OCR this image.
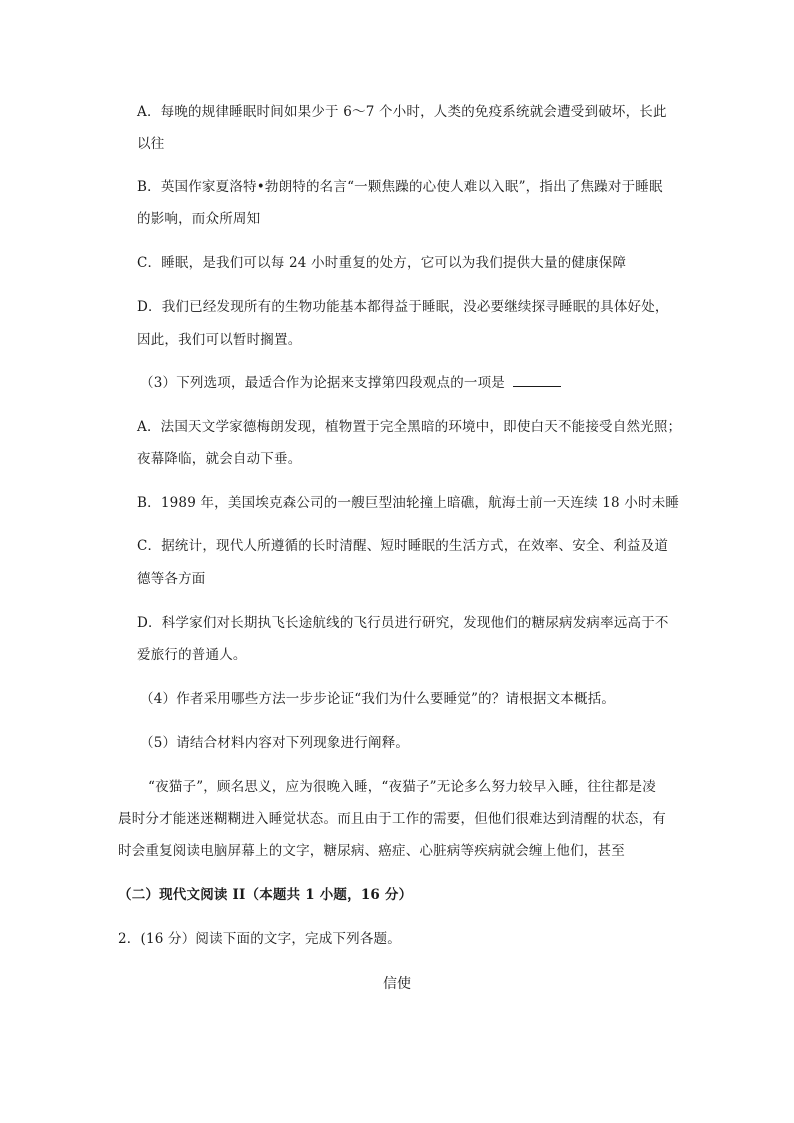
A．每晚的规律睡眠时间如果少于 6～7 个小时，人类的免疫系统就会遭受到破坏，长此
以往
B．英国作家夏洛特•勃朗特的名言“一颗焦躁的心使人难以入眠”，指出了焦躁对于睡眠
的影响，而众所周知
C．睡眠，是我们可以每 24 小时重复的处方，它可以为我们提供大量的健康保障
D．我们已经发现所有的生物功能基本都得益于睡眠，没必要继续探寻睡眠的具体好处，
因此，我们可以暂时搁置。
（3）下列选项，最适合作为论据来支撑第四段观点的一项是
A．法国天文学家德梅朗发现，植物置于完全黑暗的环境中，即使白天不能接受自然光照；
夜幕降临，就会自动下垂。
B．1989 年，美国埃克森公司的一艘巨型油轮撞上暗礁，航海士前一天连续 18 小时未睡
C．据统计，现代人所遵循的长时清醒、短时睡眠的生活方式，在效率、安全、利益及道
德等各方面
D．科学家们对长期执飞长途航线的飞行员进行研究，发现他们的糖尿病发病率远高于不
爱旅行的普通人。
（4）作者采用哪些方法一步步论证“我们为什么要睡觉”的？请根据文本概括。
（5）请结合材料内容对下列现象进行阐释。
“夜猫子”，顾名思义，应为很晚入睡，“夜猫子”无论多么努力较早入睡，往往都是凌
晨时分才能迷迷糊糊进入睡觉状态。而且由于工作的需要，但他们很难达到清醒的状态，有
时会重复阅读电脑屏幕上的文字，糖尿病、癌症、心脏病等疾病就会缠上他们，甚至
（二）现代文阅读 II（本题共 1 小题，16 分）
2．(16 分）阅读下面的文字，完成下列各题。
信使
